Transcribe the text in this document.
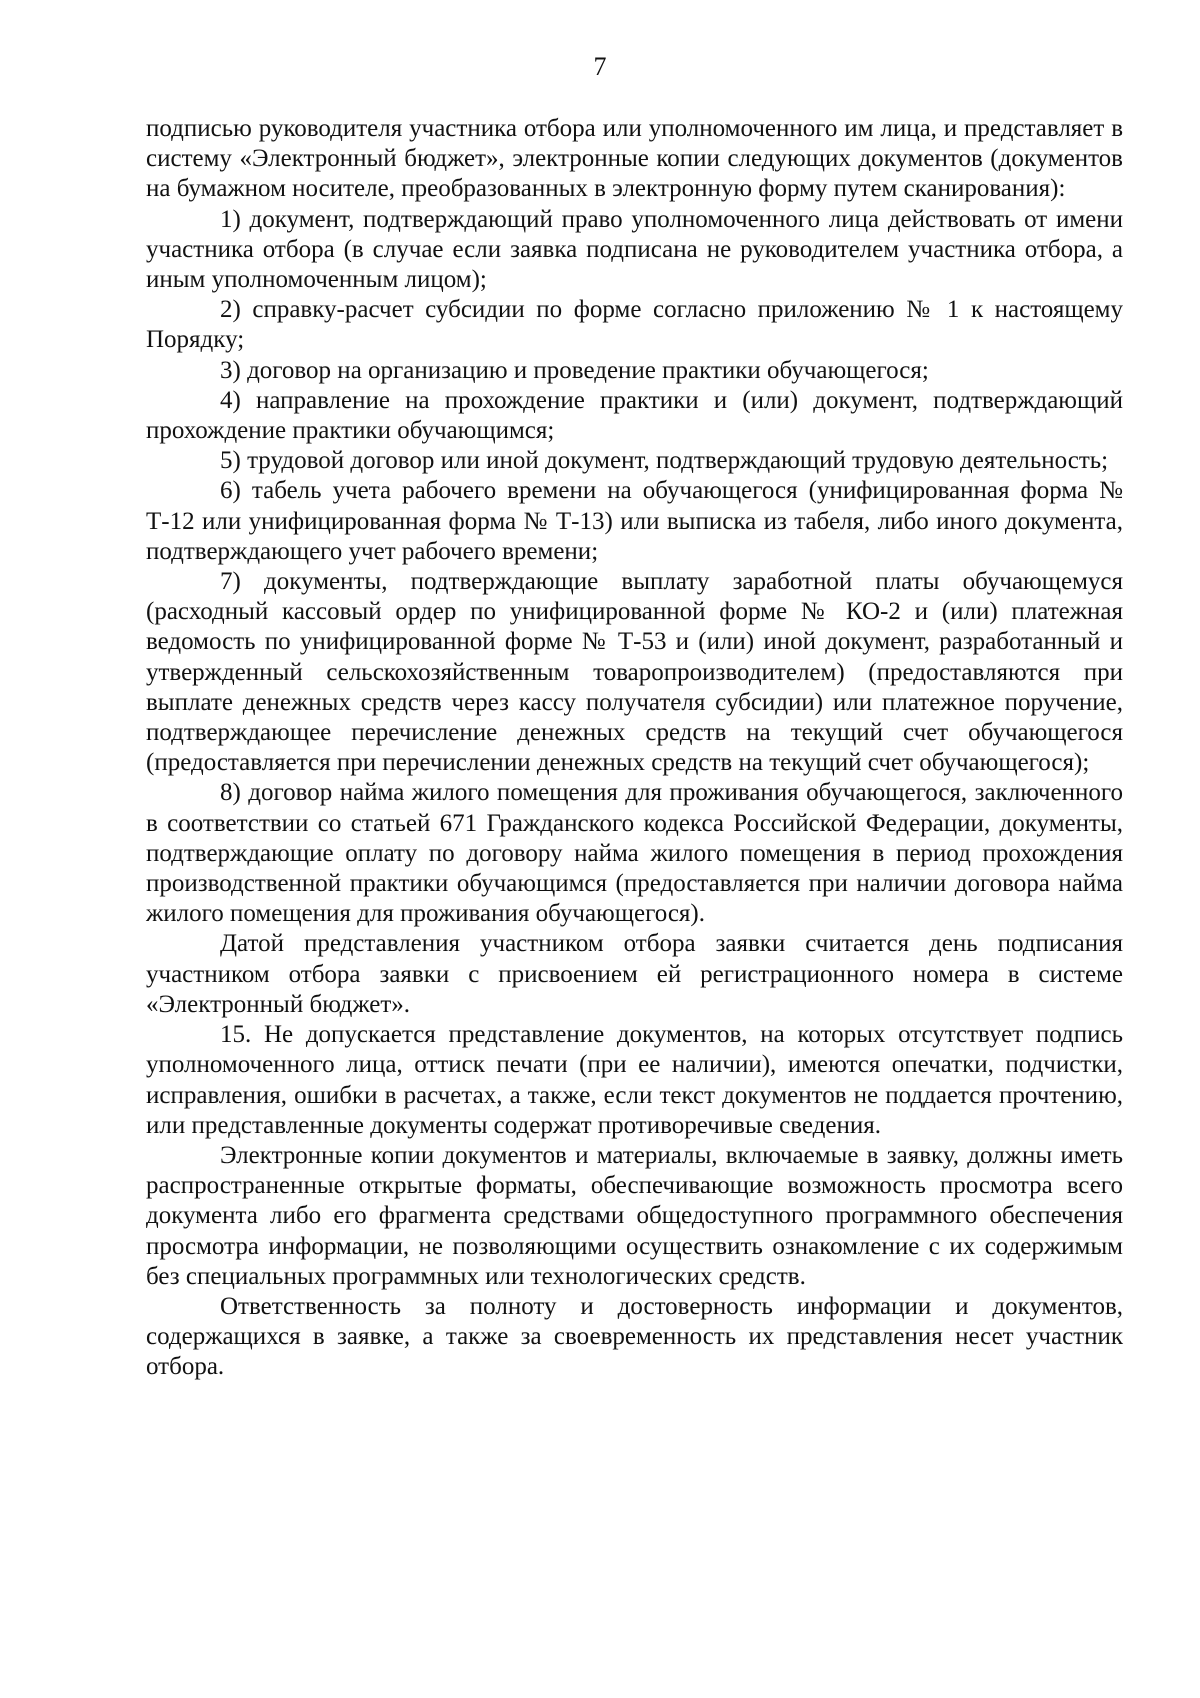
7

подписью руководителя участника отбора или уполномоченного им лица, и представляет в систему «Электронный бюджет», электронные копии следующих документов (документов на бумажном носителе, преобразованных в электронную форму путем сканирования):

1) документ, подтверждающий право уполномоченного лица действовать от имени участника отбора (в случае если заявка подписана не руководителем участника отбора, а иным уполномоченным лицом);

2) справку-расчет субсидии по форме согласно приложению № 1 к настоящему Порядку;

3) договор на организацию и проведение практики обучающегося;

4) направление на прохождение практики и (или) документ, подтверждающий прохождение практики обучающимся;

5) трудовой договор или иной документ, подтверждающий трудовую деятельность;

6) табель учета рабочего времени на обучающегося (унифицированная форма № Т-12 или унифицированная форма № Т-13) или выписка из табеля, либо иного документа, подтверждающего учет рабочего времени;

7) документы, подтверждающие выплату заработной платы обучающемуся (расходный кассовый ордер по унифицированной форме № КО-2 и (или) платежная ведомость по унифицированной форме № Т-53 и (или) иной документ, разработанный и утвержденный сельскохозяйственным товаропроизводителем) (предоставляются при выплате денежных средств через кассу получателя субсидии) или платежное поручение, подтверждающее перечисление денежных средств на текущий счет обучающегося (предоставляется при перечислении денежных средств на текущий счет обучающегося);

8) договор найма жилого помещения для проживания обучающегося, заключенного в соответствии со статьей 671 Гражданского кодекса Российской Федерации, документы, подтверждающие оплату по договору найма жилого помещения в период прохождения производственной практики обучающимся (предоставляется при наличии договора найма жилого помещения для проживания обучающегося).

Датой представления участником отбора заявки считается день подписания участником отбора заявки с присвоением ей регистрационного номера в системе «Электронный бюджет».

15. Не допускается представление документов, на которых отсутствует подпись уполномоченного лица, оттиск печати (при ее наличии), имеются опечатки, подчистки, исправления, ошибки в расчетах, а также, если текст документов не поддается прочтению, или представленные документы содержат противоречивые сведения.

Электронные копии документов и материалы, включаемые в заявку, должны иметь распространенные открытые форматы, обеспечивающие возможность просмотра всего документа либо его фрагмента средствами общедоступного программного обеспечения просмотра информации, не позволяющими осуществить ознакомление с их содержимым без специальных программных или технологических средств.

Ответственность за полноту и достоверность информации и документов, содержащихся в заявке, а также за своевременность их представления несет участник отбора.
